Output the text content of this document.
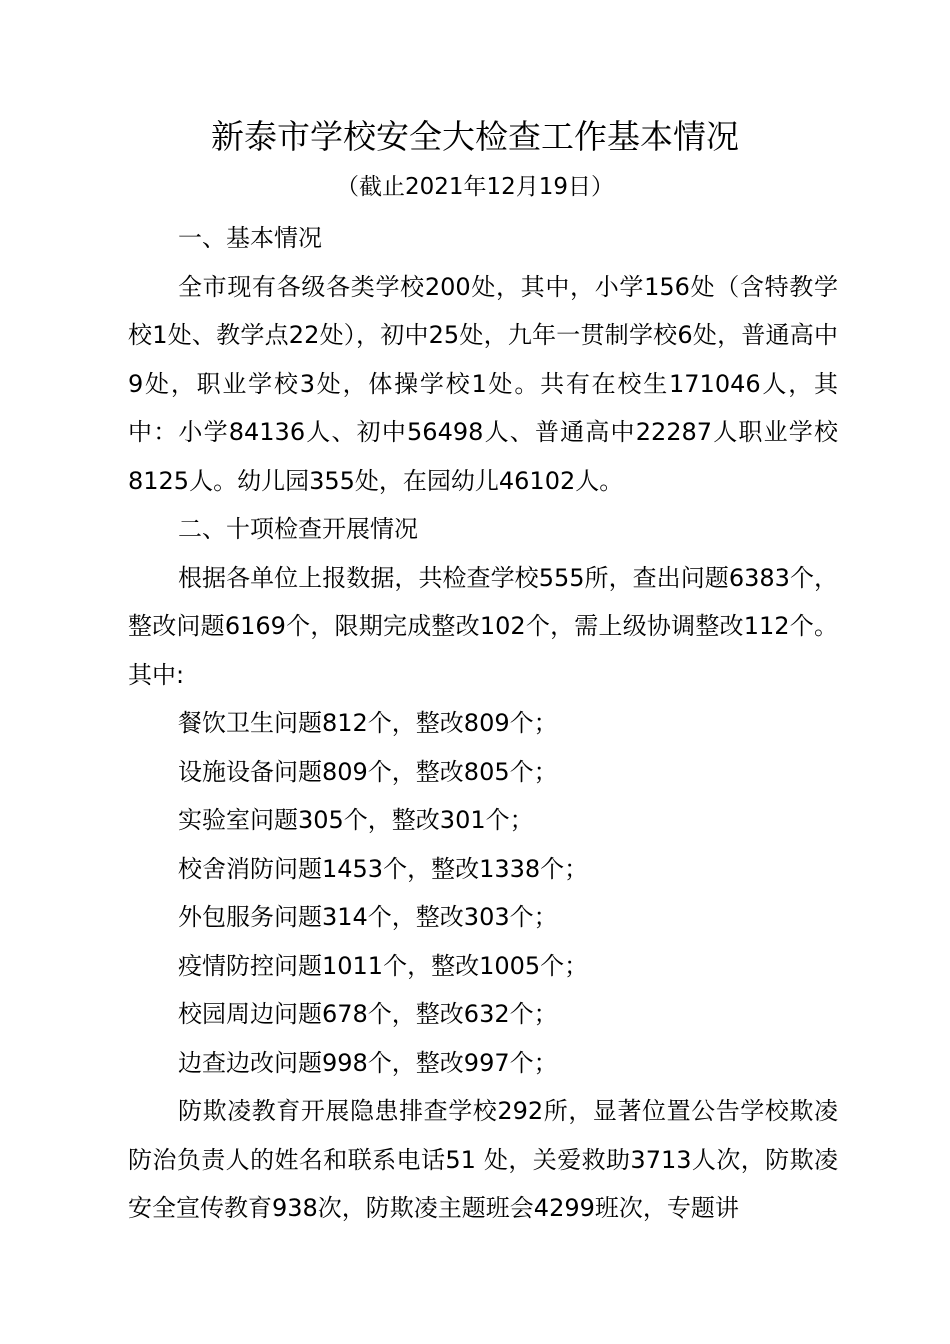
新泰市学校安全大检查工作基本情况
（截止2021年12月19日）

一、基本情况

全市现有各级各类学校200处，其中，小学156处（含特教学校1处、教学点22处），初中25处，九年一贯制学校6处，普通高中9处，职业学校3处，体操学校1处。共有在校生171046人，其中：小学84136人、初中56498人、普通高中22287人职业学校8125人。幼儿园355处，在园幼儿46102人。

二、十项检查开展情况

根据各单位上报数据，共检查学校555所，查出问题6383个，整改问题6169个，限期完成整改102个，需上级协调整改112个。其中:

餐饮卫生问题812个，整改809个；

设施设备问题809个，整改805个；

实验室问题305个，整改301个；

校舍消防问题1453个，整改1338个；

外包服务问题314个，整改303个；

疫情防控问题1011个，整改1005个；

校园周边问题678个，整改632个；

边查边改问题998个，整改997个；

防欺凌教育开展隐患排查学校292所，显著位置公告学校欺凌防治负责人的姓名和联系电话51 处，关爱救助3713人次，防欺凌安全宣传教育938次，防欺凌主题班会4299班次，专题讲
